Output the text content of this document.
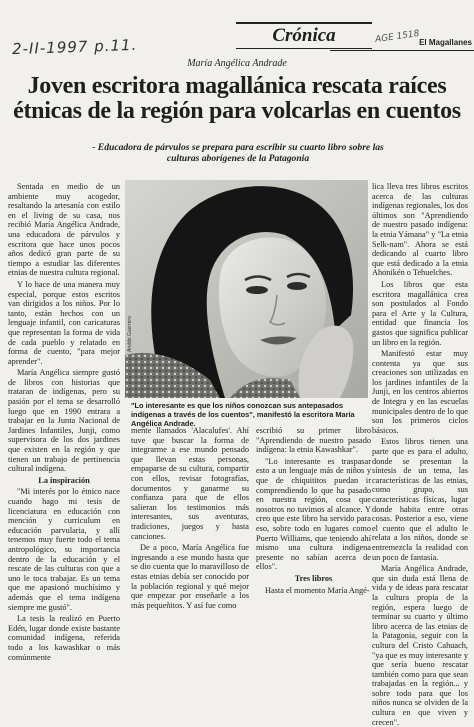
2-II-1997 p.11.
Crónica	AGE 1518 El Magallanes
María Angélica Andrade
Joven escritora magallánica rescata raíces étnicas de la región para volcarlas en cuentos
- Educadora de párvulos se prepara para escribir su cuarto libro sobre las culturas aborígenes de la Patagonia

Sentada en medio de un ambiente muy acogedor, resaltando la artesanía con estilo en el living de su casa, nos recibió María Angélica Andrade, una educadora de párvulos y escritora que hace unos pocos años dedicó gran parte de su tiempo a estudiar las diferentes etnias de nuestra cultura regional.

Y lo hace de una manera muy especial, porque estos escritos van dirigidos a los niños. Por lo tanto, están hechos con un lenguaje infantil, con caricaturas que representan la forma de vida de cada pueblo y relatado en forma de cuento, "para mejor aprender".

María Angélica siempre gustó de libros con historias que trataran de indígenas, pero su pasión por el tema se desarrolló luego que en 1990 entrara a trabajar en la Junta Nacional de Jardines Infantiles, Junji, como supervisora de los dos jardines que existen en la región y que tienen un trabajo de pertinencia cultural indígena.

La inspiración

"Mi interés por lo étnico nace cuando hago mi tesis de licenciatura en educación con mención y curriculum en educación parvularia, y allí tenemos muy fuerte todo el tema antropológico, su importancia dentro de la educación y el rescate de las culturas con que a uno le toca trabajar. Es un tema que me apasionó muchísimo y además que el tema indígena siempre me gustó".

La tesis la realizó en Puerto Edén, lugar donde existe bastante comunidad indígena, referida todo a los kawashkar o más comúnmente

Aroldo Guerrero
"Lo interesante es que los niños conozcan sus antepasados indígenas a través de los cuentos", manifestó la escritora María Angélica Andrade.

mente llamados 'Alacalufes'. Ahí tuve que buscar la forma de integrarme a ese mundo pensado que llevan estas personas, empaparse de su cultura, compartir con ellos, revisar fotografías, documentos y ganarme su confianza para que de ellos salieran los testimonios más interesantes, sus aventuras, tradiciones, juegos y hasta canciones.

De a poco, María Angélica fue ingresando a ese mundo hasta que se dio cuenta que lo maravilloso de estas etnias debía ser conocido por la población regional y qué mejor que empezar por enseñarle a los más pequeñitos. Y así fue como

escribió su primer libro "Aprendiendo de nuestro pasado indígena: la etnia Kawashkar".

"Lo interesante es traspasar esto a un lenguaje más de niños y que de chiquititos puedan ir comprendiendo lo que ha pasado en nuestra región, cosa que nosotros no tuvimos al alcance. Y creo que este libro ha servido para eso, sobre todo en lugares como Puerto Williams, que teniendo ahí mismo una cultura indígena presente no sabían acerca de ellos".

Tres libros

Hasta el momento María Angé-

lica lleva tres libros escritos acerca de las culturas indígenas regionales, los dos últimos son "Aprendiendo de nuestro pasado indígena: la etnia Yámana" y "La etnia Selk-nam". Ahora se está dedicando al cuarto libro que está dedicado a la etnia Ahonikén o Tehuelches.

Los libros que esta escritora magallánica crea son postulados al Fondo para el Arte y la Cultura, entidad que financia los gastos que significa publicar un libro en la región.

Manifestó estar muy contenta ya que sus creaciones son utilizadas en los jardines infantiles de la Junji, en los centros abiertos de Integra y en las escuelas municipales dentro de lo que son los primeros ciclos básicos.

Estos libros tienen una parte que es para el adulto, donde se presentan la síntesis de un tema, las características de las etnias, como grupo, sus características físicas, lugar donde habita entre otras cosas. Posterior a eso, viene el cuento que el adulto le relata a los niños, donde se entremezcla la realidad con un poco de fantasía.

María Angélica Andrade, que sin duda está llena de vida y de ideas para rescatar la cultura propia de la región, espera luego de terminar su cuarto y último libro acerca de las etnias de la Patagonia, seguir con la cultura del Cristo Cahuach, "ya que es muy interesante y que sería bueno rescatar también como para que sean trabajadas en la región... y sobre todo para que los niños nunca se olviden de la cultura en que viven y crecen".
